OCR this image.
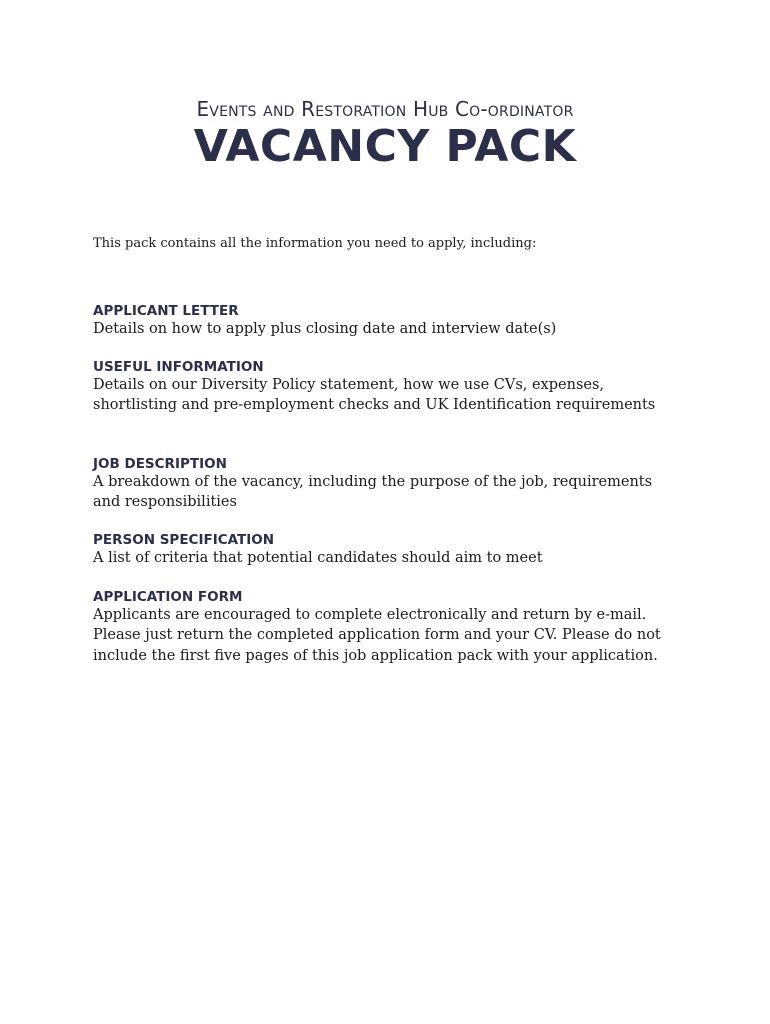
Events and Restoration Hub Co-ordinator
VACANCY PACK
This pack contains all the information you need to apply, including:

APPLICANT LETTER

Details on how to apply plus closing date and interview date(s)

USEFUL INFORMATION

Details on our Diversity Policy statement, how we use CVs, expenses, shortlisting and pre-employment checks and UK Identification requirements

JOB DESCRIPTION

A breakdown of the vacancy, including the purpose of the job, requirements and responsibilities

PERSON SPECIFICATION

A list of criteria that potential candidates should aim to meet

APPLICATION FORM

Applicants are encouraged to complete electronically and return by e-mail. Please just return the completed application form and your CV. Please do not include the first five pages of this job application pack with your application.
